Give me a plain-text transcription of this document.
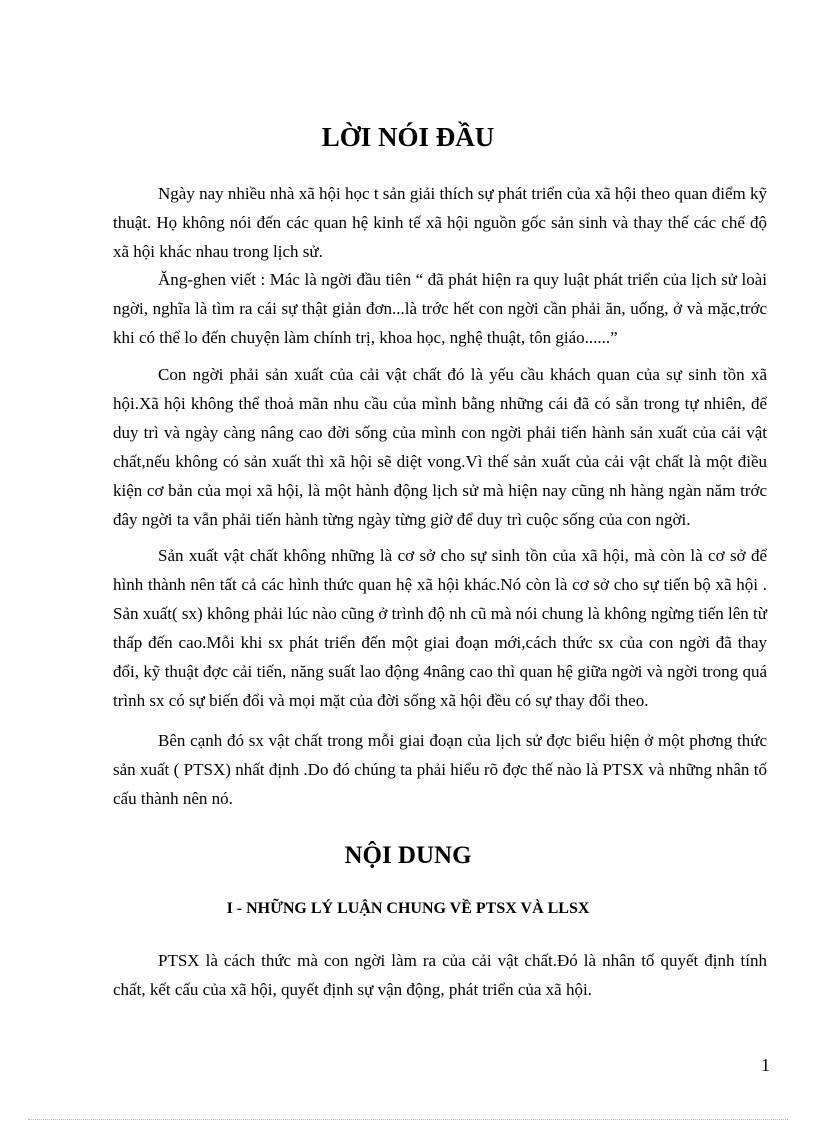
LỜI NÓI ĐẦU

Ngày nay nhiều nhà xã hội học t sản giải thích sự phát triển của xã hội theo quan điểm kỹ thuật. Họ không nói đến các quan hệ kinh tế xã hội nguồn gốc sản sinh và thay thế các chế độ xã hội khác nhau trong lịch sử.

Ăng-ghen viết : Mác là ngời đầu tiên “ đã phát hiện ra quy luật phát triển của lịch sử loài ngời, nghĩa là tìm ra cái sự thật giản đơn...là trớc hết con ngời cần phải ăn, uống, ở và mặc,trớc khi có thể lo đến chuyện làm chính trị, khoa học, nghệ thuật, tôn giáo......”

Con ngời phải sản xuất của cải vật chất đó là yếu cầu khách quan của sự sinh tồn xã hội.Xã hội không thể thoả mãn nhu cầu của mình bằng những cái đã có sẵn trong tự nhiên, để duy trì và ngày càng nâng cao đời sống của mình con ngời phải tiến hành sản xuất của cải vật chất,nếu không có sản xuất thì xã hội sẽ diệt vong.Vì thế sản xuất của cải vật chất là một điều kiện cơ bản của mọi xã hội, là một hành động lịch sử mà hiện nay cũng nh hàng ngàn năm trớc đây ngời ta vẫn phải tiến hành từng ngày từng giờ để duy trì cuộc sống của con ngời.

Sản xuất vật chất không những là cơ sở cho sự sinh tồn của xã hội, mà còn là cơ sở để hình thành nên tất cả các hình thức quan hệ xã hội khác.Nó còn là cơ sở cho sự tiến bộ xã hội . Sản xuất( sx) không phải lúc nào cũng ở trình độ nh cũ mà nói chung là không ngừng tiến lên từ thấp đến cao.Mỗi khi sx phát triển đến một giai đoạn mới,cách thức sx của con ngời đã thay đổi, kỹ thuật đợc cải tiến, năng suất lao động 4nâng cao thì quan hệ giữa ngời và ngời trong quá trình sx có sự biến đổi và mọi mặt của đời sống xã hội đều có sự thay đổi theo.

Bên cạnh đó sx vật chất trong mỗi giai đoạn của lịch sử đợc biểu hiện ở một phơng thức sản xuất ( PTSX) nhất định .Do đó chúng ta phải hiểu rõ đợc thế nào là PTSX và những nhân tố cấu thành nên nó.

NỘI DUNG
I - NHỮNG LÝ LUẬN CHUNG VỀ PTSX VÀ LLSX

PTSX là cách thức mà con ngời làm ra của cải vật chất.Đó là nhân tố quyết định tính chất, kết cấu của xã hội, quyết định sự vận động, phát triển của xã hội.

1
